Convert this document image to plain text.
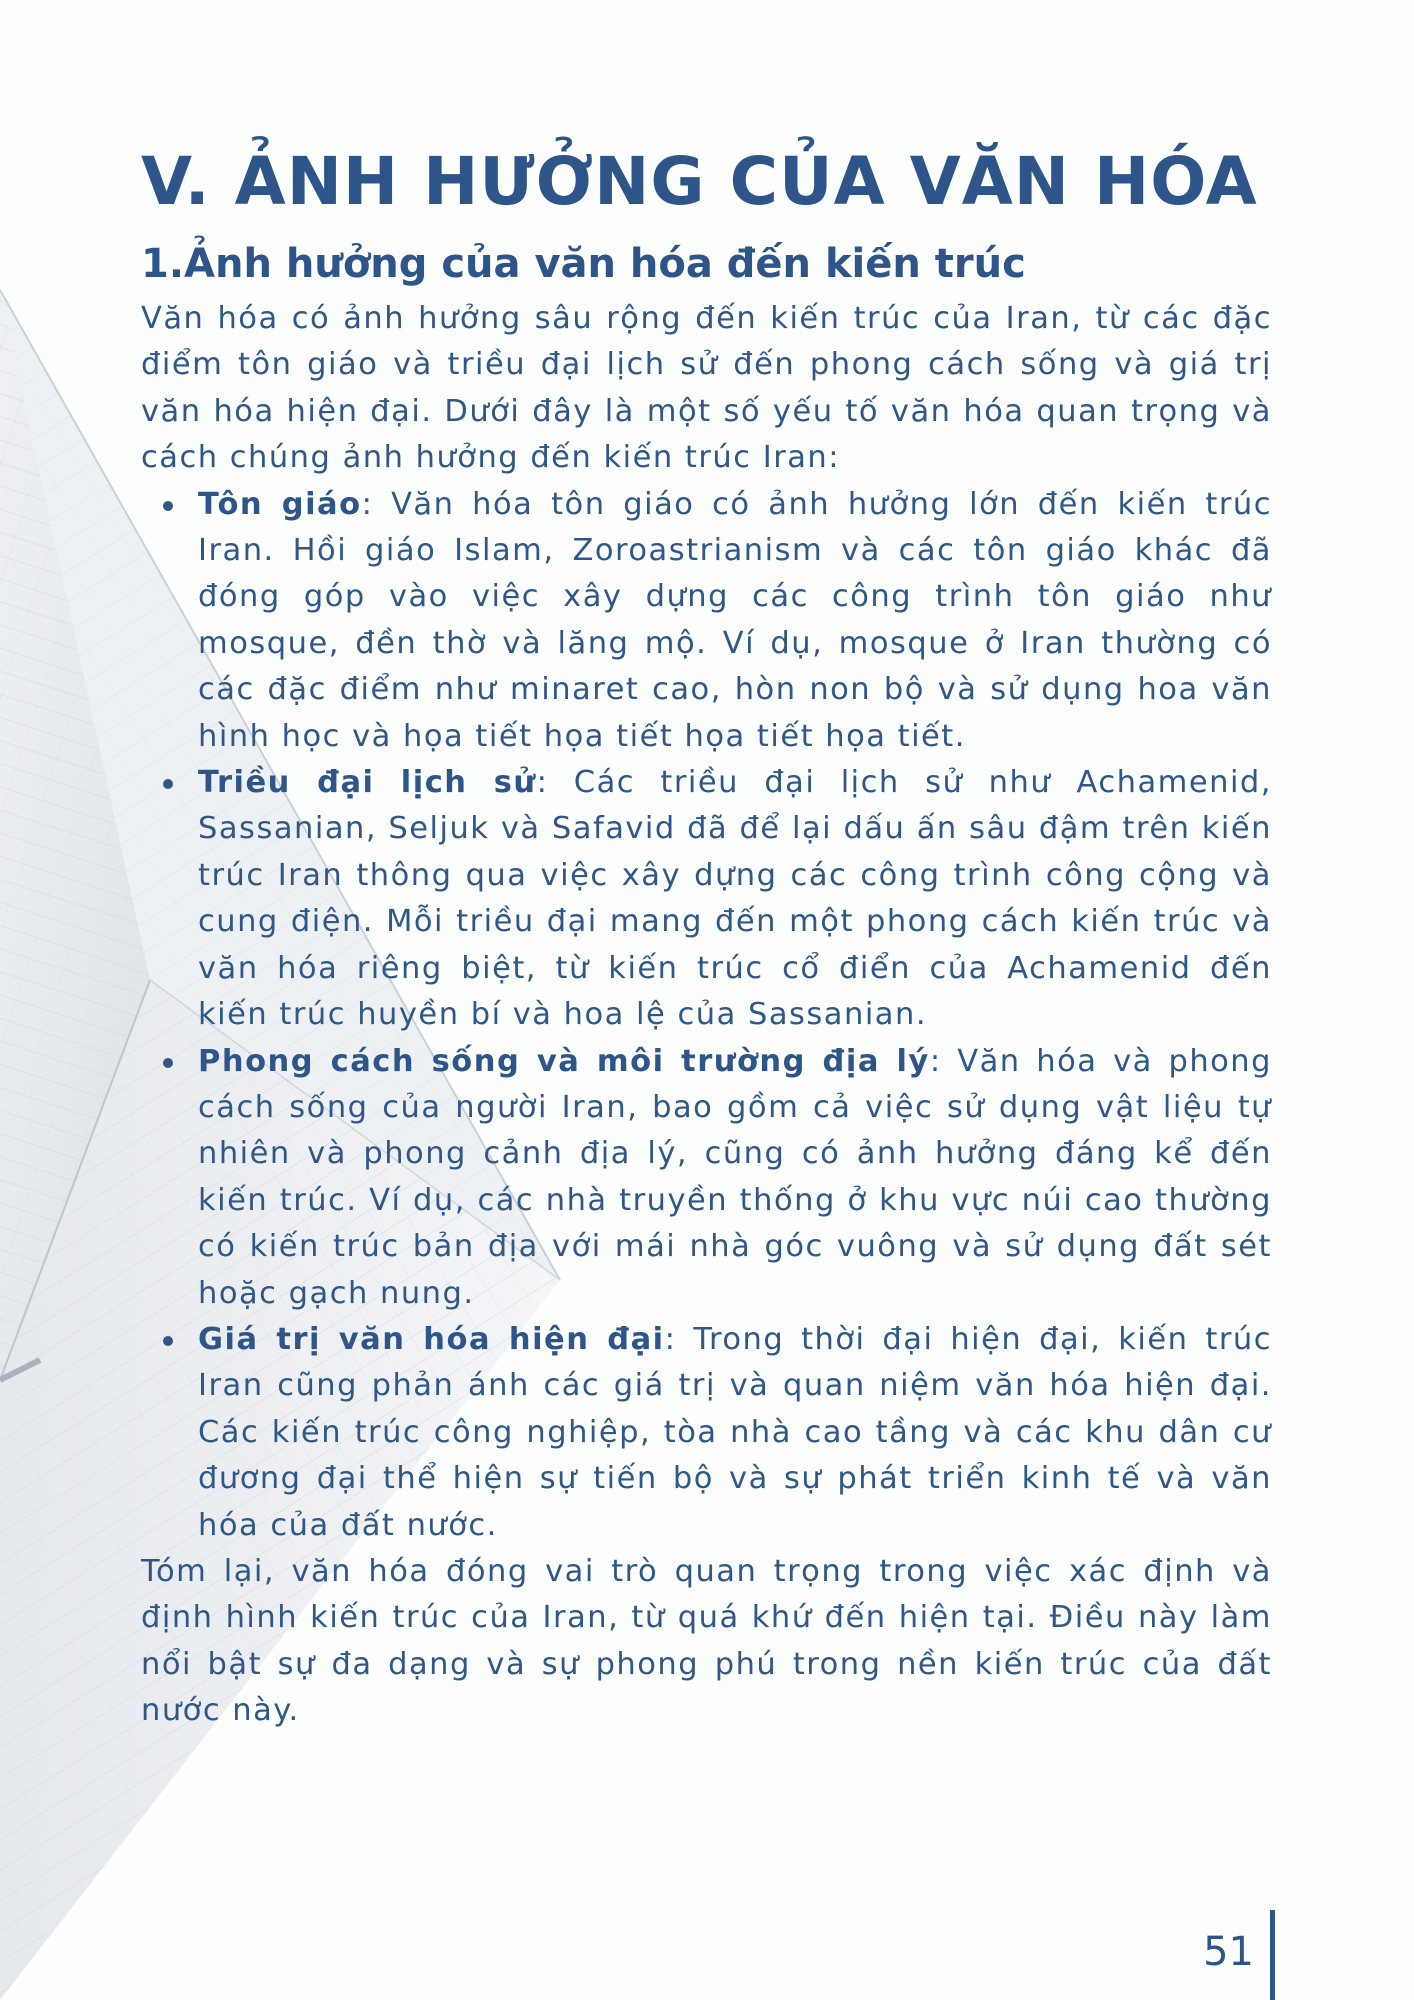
V. ẢNH HƯỞNG CỦA VĂN HÓA
1.Ảnh hưởng của văn hóa đến kiến trúc

Văn hóa có ảnh hưởng sâu rộng đến kiến trúc của Iran, từ các đặc điểm tôn giáo và triều đại lịch sử đến phong cách sống và giá trị văn hóa hiện đại. Dưới đây là một số yếu tố văn hóa quan trọng và cách chúng ảnh hưởng đến kiến trúc Iran:

Tôn giáo: Văn hóa tôn giáo có ảnh hưởng lớn đến kiến trúc Iran. Hồi giáo Islam, Zoroastrianism và các tôn giáo khác đã đóng góp vào việc xây dựng các công trình tôn giáo như mosque, đền thờ và lăng mộ. Ví dụ, mosque ở Iran thường có các đặc điểm như minaret cao, hòn non bộ và sử dụng hoa văn hình học và họa tiết họa tiết họa tiết họa tiết.
Triều đại lịch sử: Các triều đại lịch sử như Achamenid, Sassanian, Seljuk và Safavid đã để lại dấu ấn sâu đậm trên kiến trúc Iran thông qua việc xây dựng các công trình công cộng và cung điện. Mỗi triều đại mang đến một phong cách kiến trúc và văn hóa riêng biệt, từ kiến trúc cổ điển của Achamenid đến kiến trúc huyền bí và hoa lệ của Sassanian.
Phong cách sống và môi trường địa lý: Văn hóa và phong cách sống của người Iran, bao gồm cả việc sử dụng vật liệu tự nhiên và phong cảnh địa lý, cũng có ảnh hưởng đáng kể đến kiến trúc. Ví dụ, các nhà truyền thống ở khu vực núi cao thường có kiến trúc bản địa với mái nhà góc vuông và sử dụng đất sét hoặc gạch nung.
Giá trị văn hóa hiện đại: Trong thời đại hiện đại, kiến trúc Iran cũng phản ánh các giá trị và quan niệm văn hóa hiện đại. Các kiến trúc công nghiệp, tòa nhà cao tầng và các khu dân cư đương đại thể hiện sự tiến bộ và sự phát triển kinh tế và văn hóa của đất nước.

Tóm lại, văn hóa đóng vai trò quan trọng trong việc xác định và định hình kiến trúc của Iran, từ quá khứ đến hiện tại. Điều này làm nổi bật sự đa dạng và sự phong phú trong nền kiến trúc của đất nước này.

51
